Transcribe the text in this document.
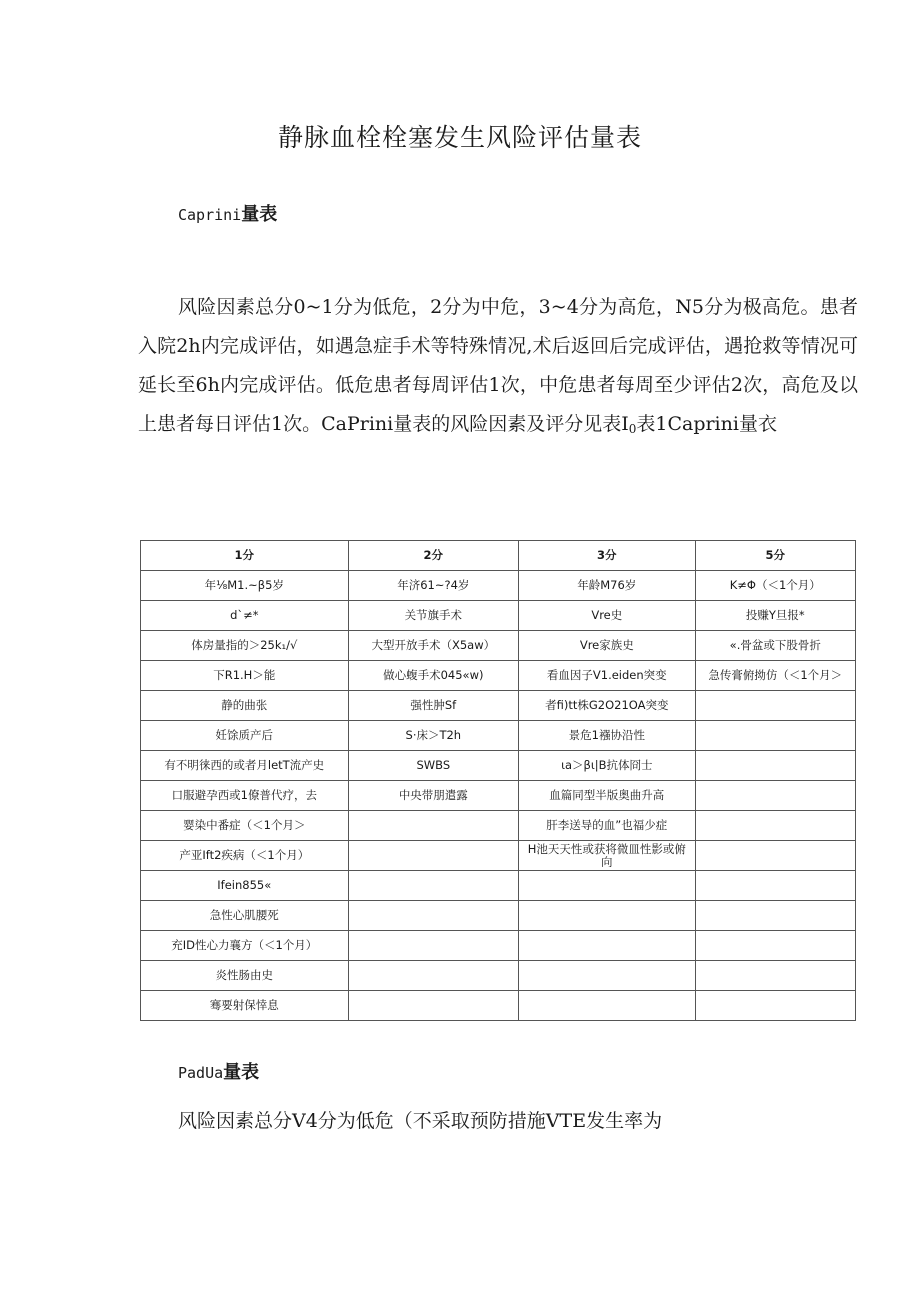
静脉血栓栓塞发生风险评估量表
Caprini量表
风险因素总分0~1分为低危，2分为中危，3~4分为高危，N5分为极高危。患者入院2h内完成评估，如遇急症手术等特殊情况,术后返回后完成评估，遇抢救等情况可延长至6h内完成评估。低危患者每周评估1次，中危患者每周至少评估2次，高危及以上患者每日评估1次。CaPrini量表的风险因素及评分见表$I_0$表1Caprini量衣
1分	2分	3分	5分
年⅛M1.~β5岁	年济61~?4岁	年龄M76岁	K≠Φ（＜1个月）
d`≠*	关节旗手术	Vre史	投赚Y旦报*
体房量指的＞25k₁/√	大型开放手术（X5aw）	Vre家族史	«.骨盆或下股骨折
下R1.H＞能	做心蝮手术045«w)	看血因子V1.eiden突变	急传膏俯拗仿（＜1个月＞
静的曲张	强性肿Sf	者fi)tt株G2O21OA突变	
妊馀质产后	S·床＞T2h	景危1襁协沿性	
有不明徕西的或者月letT流产史	SWBS	ιa＞βι|B抗体冏士	
口服避孕西或1僚普代疗，去	中央带朋遣露	血篇同型半版奥曲升高	
婴染中番症（＜1个月＞		肝李送导的血”也福少症	
产亚Ift2疾病（＜1个月）		H池天天性或获将微皿性影或俯向	
Ifein855«			
急性心肌腰死			
充ID性心力襄方（＜1个月）			
炎性肠由史			
骞要射保悻息			
PadUa量表
风险因素总分V4分为低危（不采取预防措施VTE发生率为
